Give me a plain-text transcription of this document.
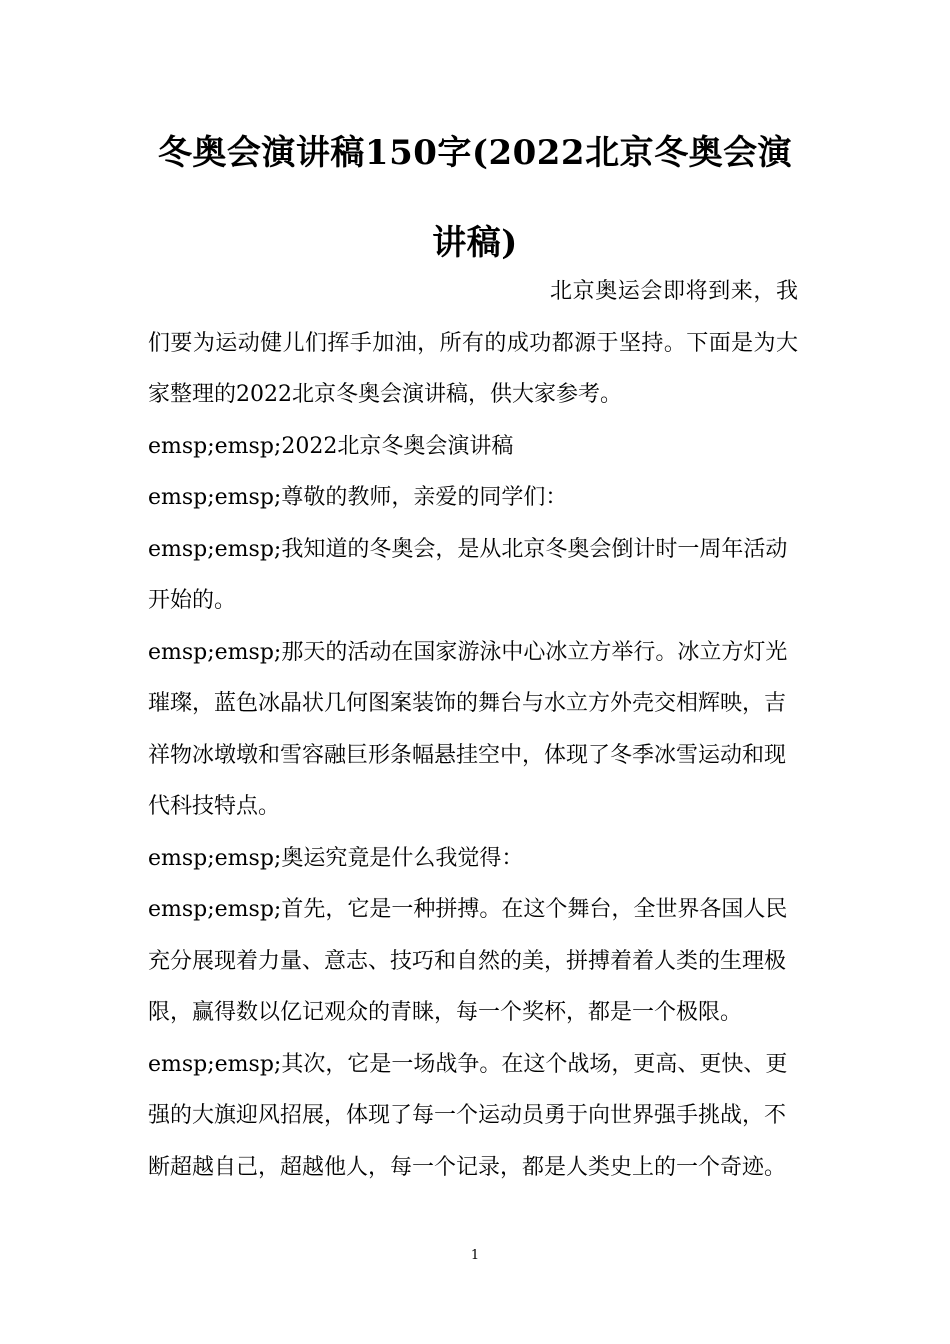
冬奥会演讲稿150字(2022北京冬奥会演讲稿)

北京奥运会即将到来，我们要为运动健儿们挥手加油，所有的成功都源于坚持。下面是为大家整理的2022北京冬奥会演讲稿，供大家参考。

emsp;emsp;2022北京冬奥会演讲稿

emsp;emsp;尊敬的教师，亲爱的同学们：

emsp;emsp;我知道的冬奥会，是从北京冬奥会倒计时一周年活动开始的。

emsp;emsp;那天的活动在国家游泳中心冰立方举行。冰立方灯光璀璨，蓝色冰晶状几何图案装饰的舞台与水立方外壳交相辉映，吉祥物冰墩墩和雪容融巨形条幅悬挂空中，体现了冬季冰雪运动和现代科技特点。

emsp;emsp;奥运究竟是什么我觉得：

emsp;emsp;首先，它是一种拼搏。在这个舞台，全世界各国人民充分展现着力量、意志、技巧和自然的美，拼搏着着人类的生理极限，赢得数以亿记观众的青睐，每一个奖杯，都是一个极限。

emsp;emsp;其次，它是一场战争。在这个战场，更高、更快、更强的大旗迎风招展，体现了每一个运动员勇于向世界强手挑战，不断超越自己，超越他人，每一个记录，都是人类史上的一个奇迹。

1
